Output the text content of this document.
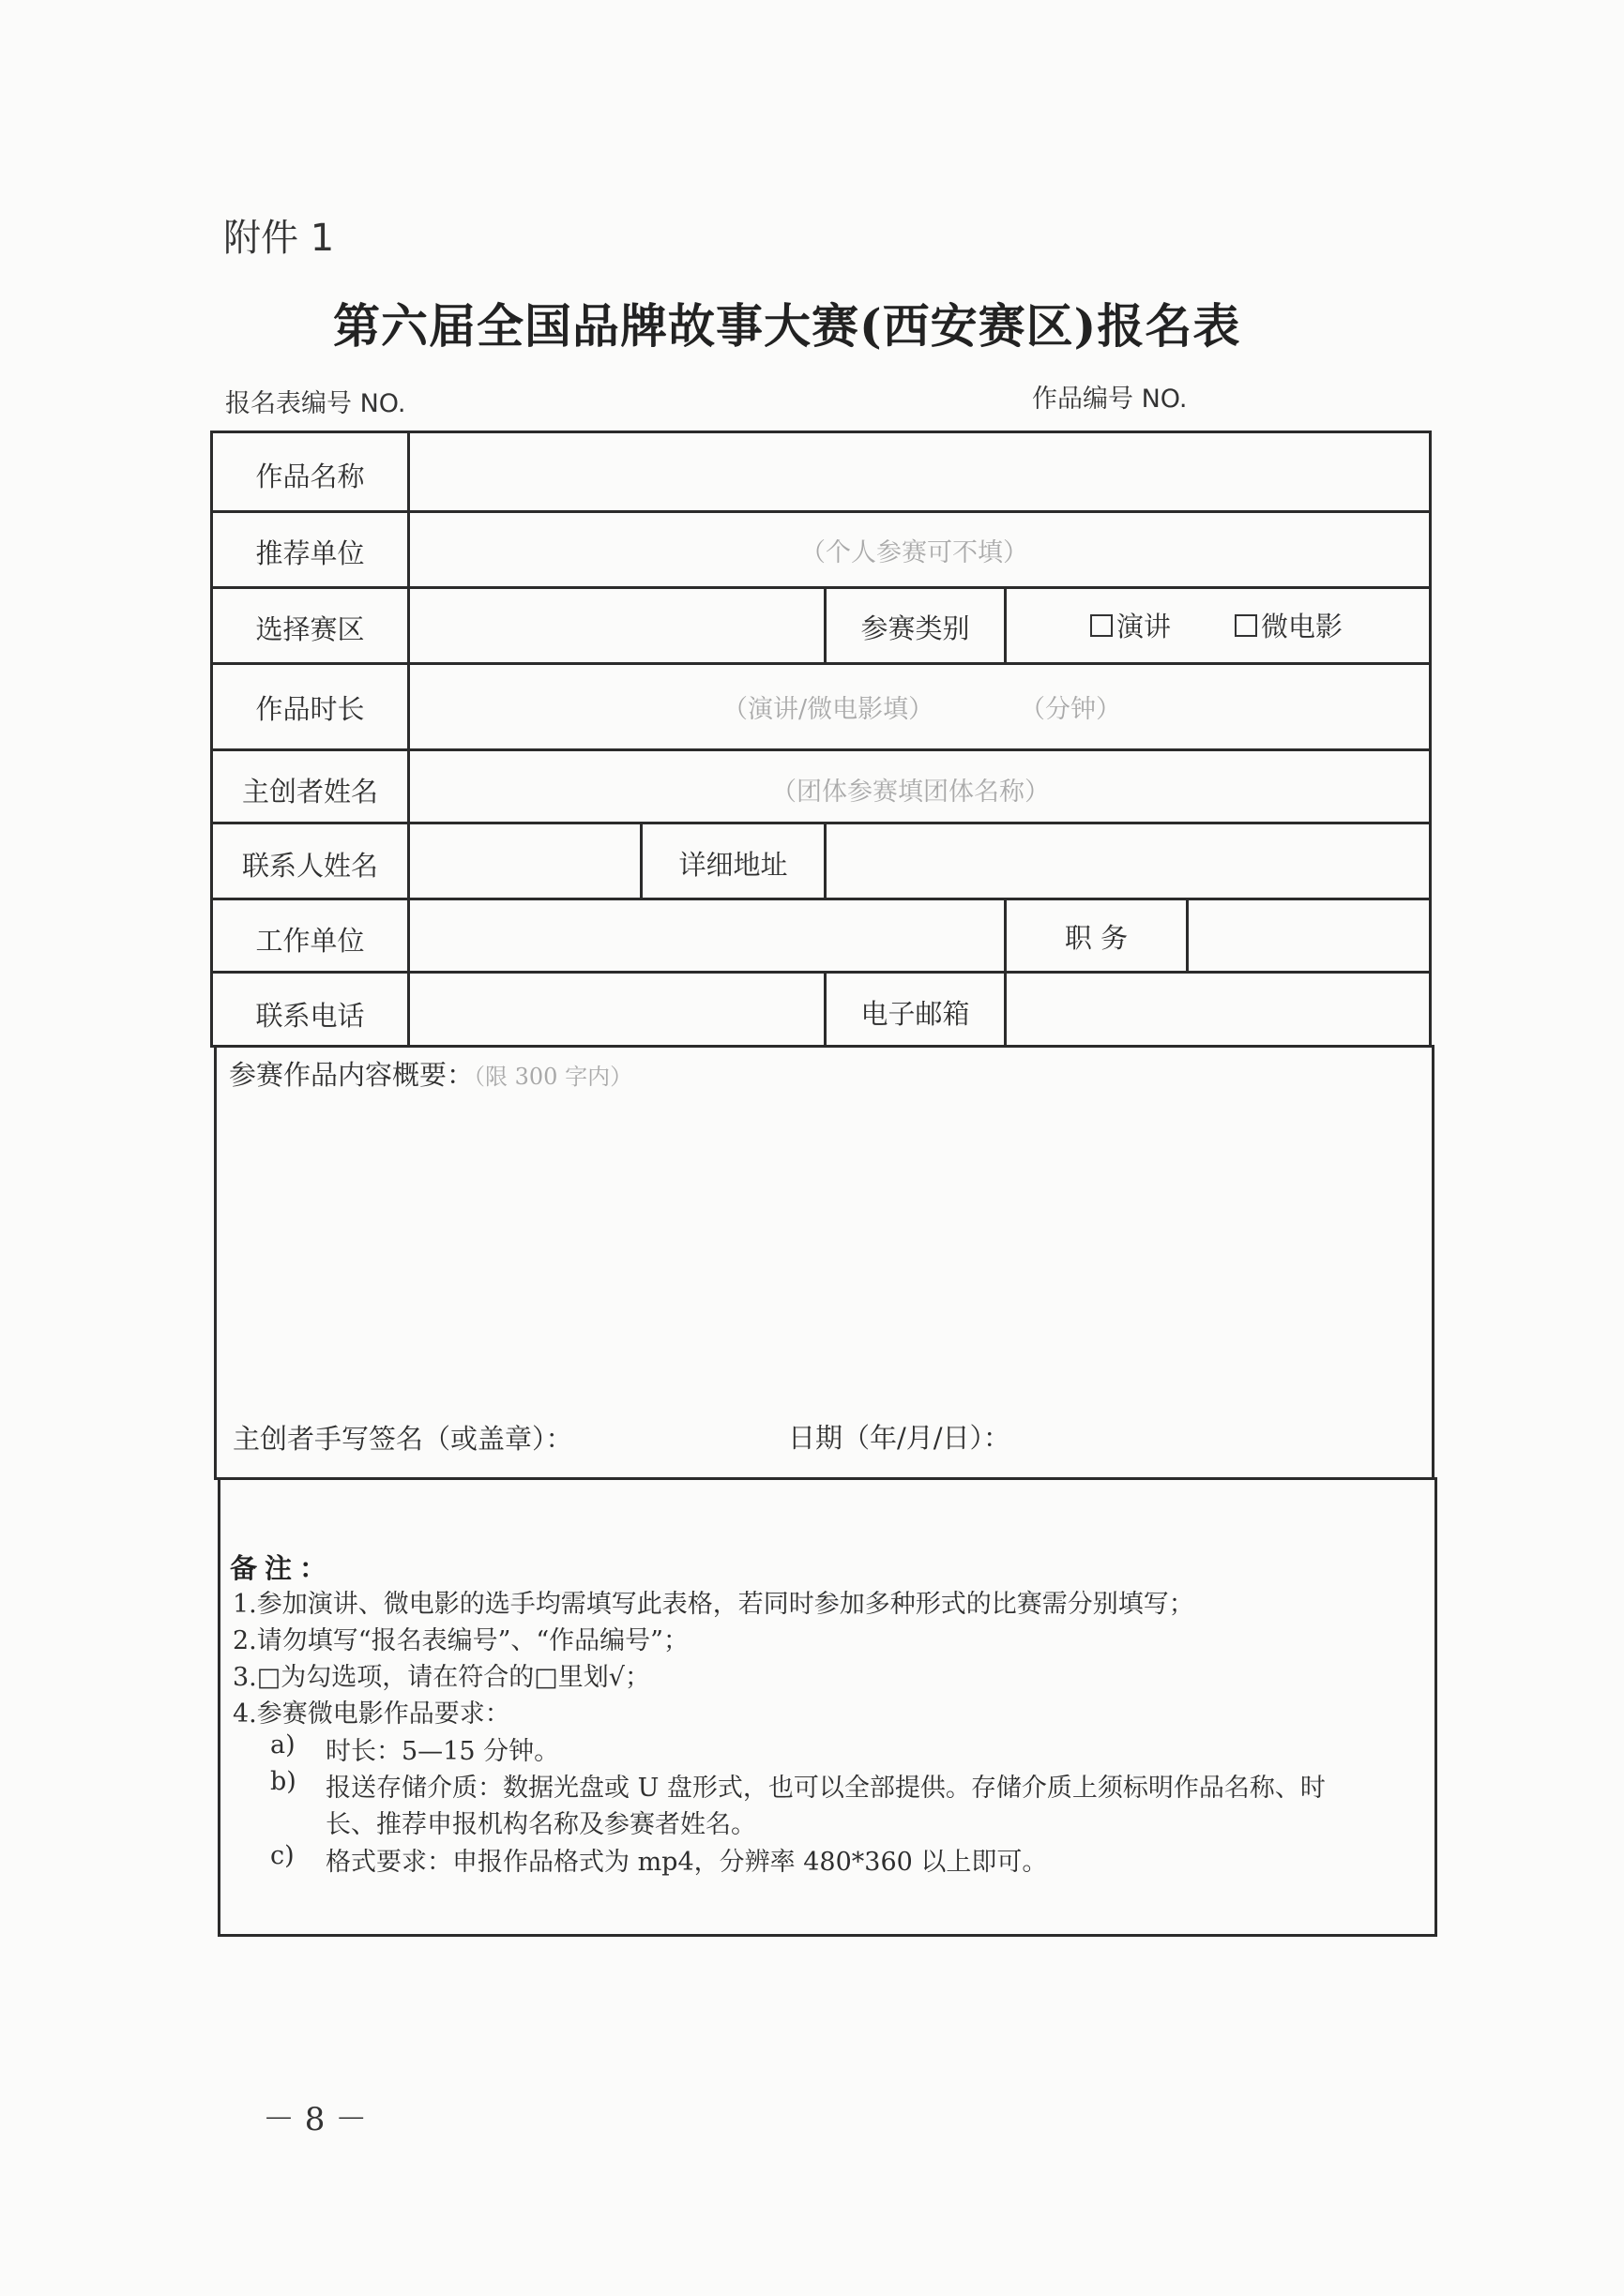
附件 1
第六届全国品牌故事大赛(西安赛区)报名表
报名表编号 NO.	作品编号 NO.
作品名称
推荐单位	（个人参赛可不填）
选择赛区	参赛类别	演讲	微电影
作品时长	（演讲/微电影填）	（分钟）
主创者姓名	（团体参赛填团体名称）
联系人姓名	详细地址
工作单位	职 务
联系电话	电子邮箱
参赛作品内容概要：（限 300 字内）
主创者手写签名（或盖章）：	日期（年/月/日）：
备注：
1.参加演讲、微电影的选手均需填写此表格，若同时参加多种形式的比赛需分别填写；
2.请勿填写“报名表编号”、“作品编号”；
3.□为勾选项，请在符合的□里划√；
4.参赛微电影作品要求：
a) 时长：5—15 分钟。
b) 报送存储介质：数据光盘或 U 盘形式，也可以全部提供。存储介质上须标明作品名称、时
长、推荐申报机构名称及参赛者姓名。
c) 格式要求：申报作品格式为 mp4，分辨率 480*360 以上即可。
－ 8 －
